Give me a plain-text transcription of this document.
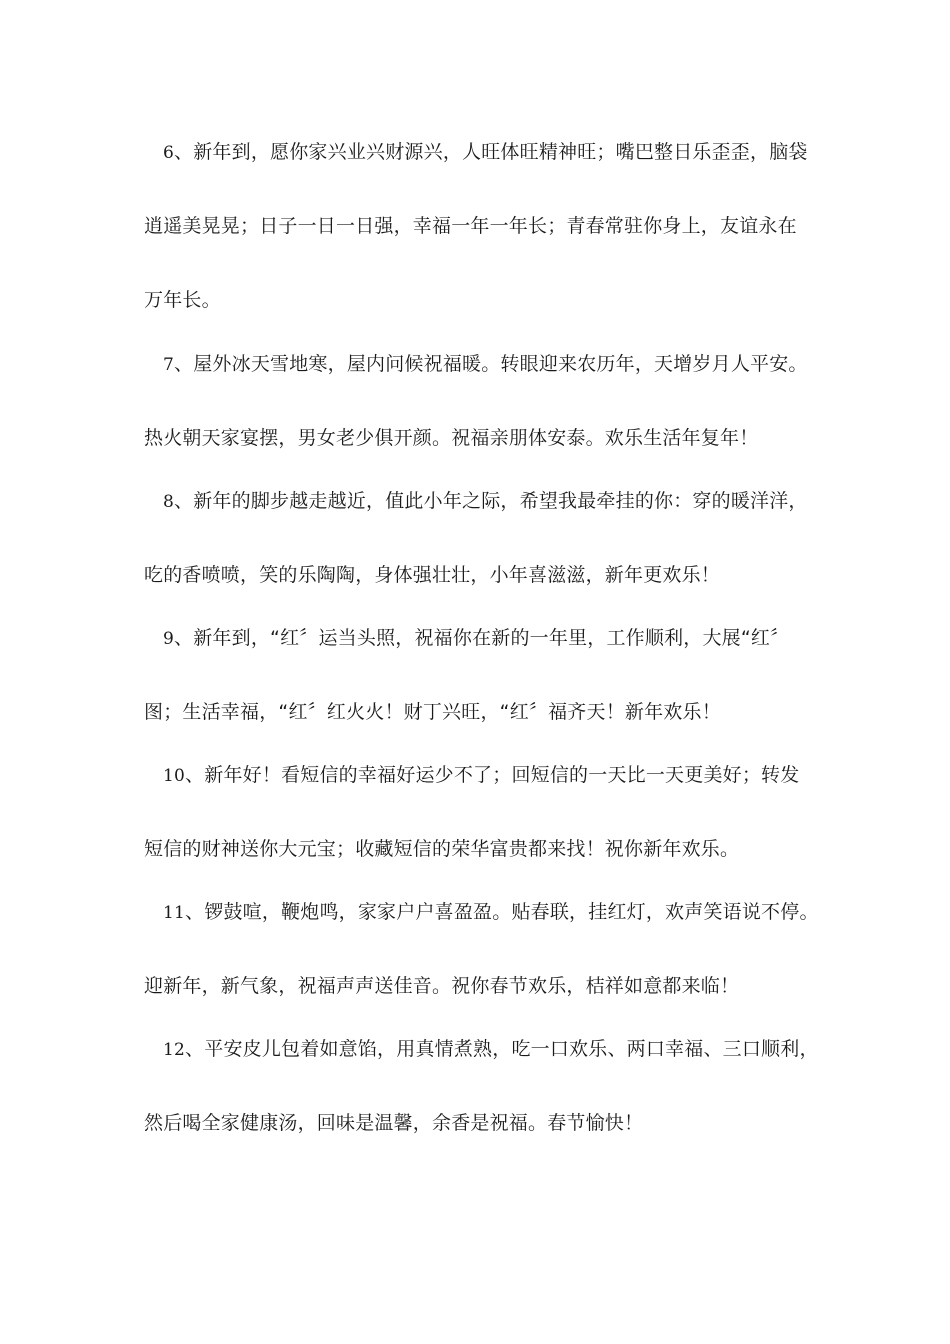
6、新年到，愿你家兴业兴财源兴，人旺体旺精神旺；嘴巴整日乐歪歪，脑袋
逍遥美晃晃；日子一日一日强，幸福一年一年长；青春常驻你身上，友谊永在
万年长。
7、屋外冰天雪地寒，屋内问候祝福暖。转眼迎来农历年，天增岁月人平安。
热火朝天家宴摆，男女老少俱开颜。祝福亲朋体安泰。欢乐生活年复年！
8、新年的脚步越走越近，值此小年之际，希望我最牵挂的你：穿的暖洋洋，
吃的香喷喷，笑的乐陶陶，身体强壮壮，小年喜滋滋，新年更欢乐！
9、新年到，“红〞运当头照，祝福你在新的一年里，工作顺利，大展“红〞
图；生活幸福，“红〞红火火！财丁兴旺，“红〞福齐天！新年欢乐！
10、新年好！看短信的幸福好运少不了；回短信的一天比一天更美好；转发
短信的财神送你大元宝；收藏短信的荣华富贵都来找！祝你新年欢乐。
11、锣鼓喧，鞭炮鸣，家家户户喜盈盈。贴春联，挂红灯，欢声笑语说不停。
迎新年，新气象，祝福声声送佳音。祝你春节欢乐，桔祥如意都来临！
12、平安皮儿包着如意馅，用真情煮熟，吃一口欢乐、两口幸福、三口顺利，
然后喝全家健康汤，回味是温馨，余香是祝福。春节愉快！
